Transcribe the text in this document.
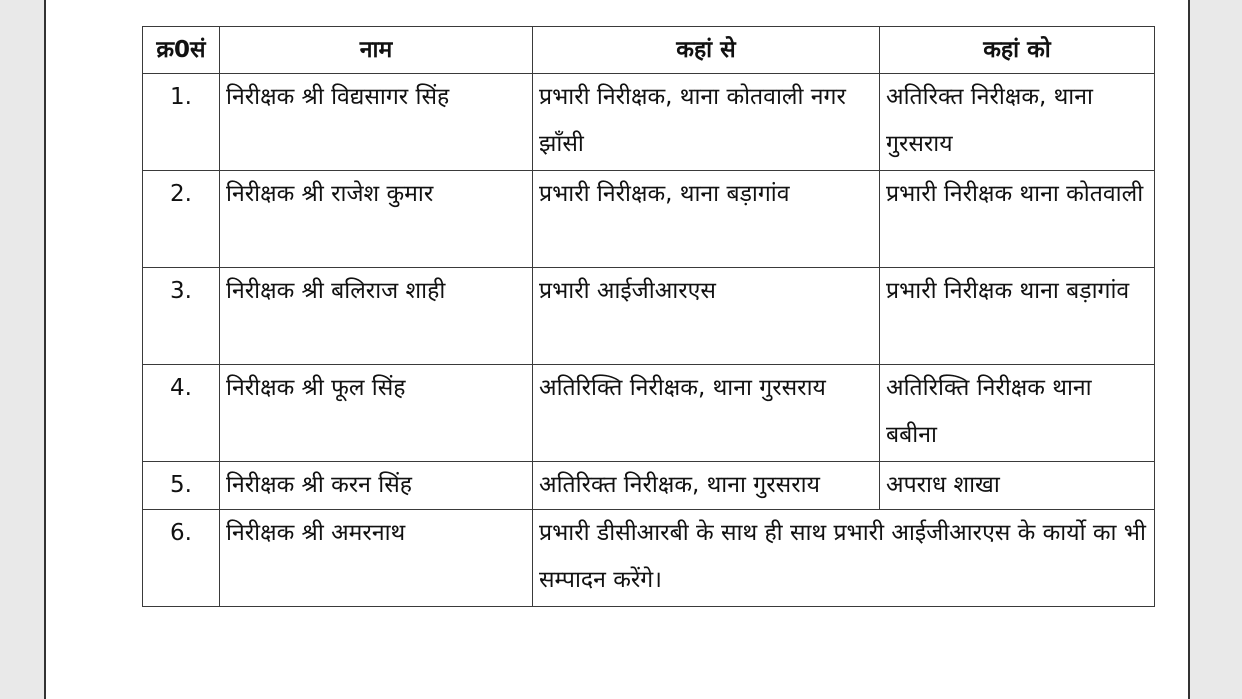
क्र0सं	नाम	कहां से	कहां को
1.	निरीक्षक श्री विद्यसागर सिंह	प्रभारी निरीक्षक, थाना कोतवाली नगर झाँसी	अतिरिक्त निरीक्षक, थाना गुरसराय
2.	निरीक्षक श्री राजेश कुमार	प्रभारी निरीक्षक, थाना बड़ागांव	प्रभारी निरीक्षक थाना कोतवाली
3.	निरीक्षक श्री बलिराज शाही	प्रभारी आईजीआरएस	प्रभारी निरीक्षक थाना बड़ागांव
4.	निरीक्षक श्री फूल सिंह	अतिरिक्ति निरीक्षक, थाना गुरसराय	अतिरिक्ति निरीक्षक थाना बबीना
5.	निरीक्षक श्री करन सिंह	अतिरिक्त निरीक्षक, थाना गुरसराय	अपराध शाखा
6.	निरीक्षक श्री अमरनाथ	प्रभारी डीसीआरबी के साथ ही साथ प्रभारी आईजीआरएस के कार्यो का भी सम्पादन करेंगे।	
